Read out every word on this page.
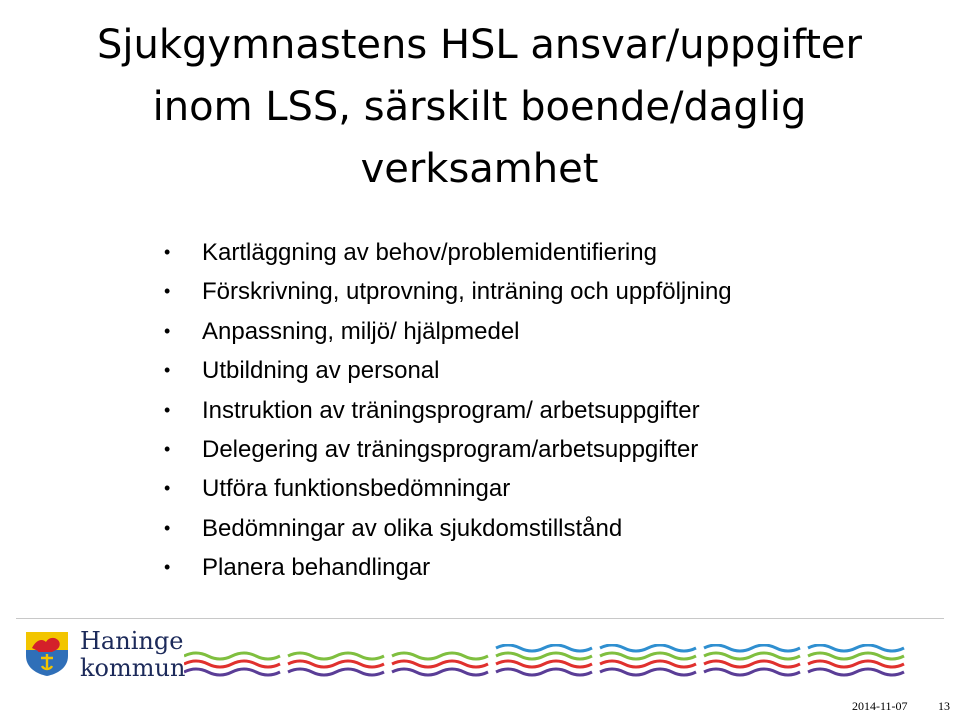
Sjukgymnastens HSL ansvar/uppgifter
inom LSS, särskilt boende/daglig
verksamhet
• Kartläggning av behov/problemidentifiering
• Förskrivning, utprovning, inträning och uppföljning
• Anpassning, miljö/ hjälpmedel
• Utbildning av personal
• Instruktion av träningsprogram/ arbetsuppgifter
• Delegering av träningsprogram/arbetsuppgifter
• Utföra funktionsbedömningar
• Bedömningar av olika sjukdomstillstånd
• Planera behandlingar
Haninge
kommun
2014-11-07	13
